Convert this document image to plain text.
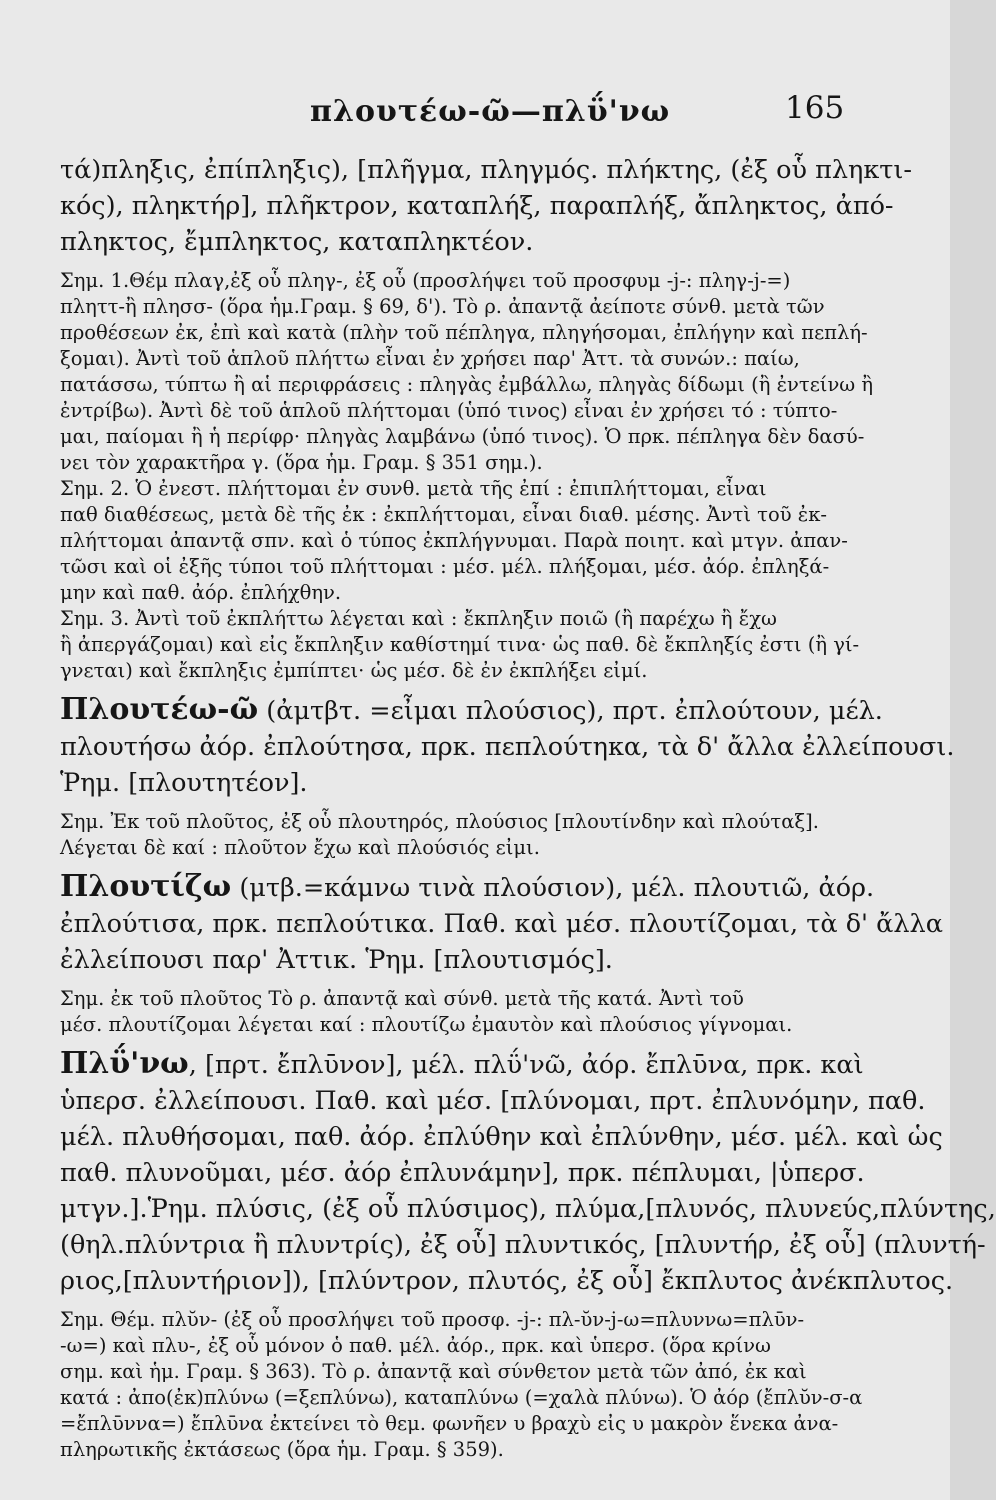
πλουτέω-ῶ—πλΰ'νω	165
τά)πληξις, ἐπίπληξις), [πλῆγμα, πληγμός. πλήκτης, (ἐξ οὗ πληκτι-
κός), πληκτήρ], πλῆκτρον, καταπλήξ, παραπλήξ, ἄπληκτος, ἀπό-
πληκτος, ἔμπληκτος, καταπληκτέον.
Σημ. 1.Θέμ πλαγ,ἐξ οὗ πληγ-, ἐξ οὗ (προσλήψει τοῦ προσφυμ -j-: πληγ-j-=)
πληττ-ἢ πλησσ- (ὅρα ἡμ.Γραμ. § 69, δ'). Τὸ ρ. ἀπαντᾷ ἀείποτε σύνθ. μετὰ τῶν
προθέσεων ἐκ, ἐπὶ καὶ κατὰ (πλὴν τοῦ πέπληγα, πληγήσομαι, ἐπλήγην καὶ πεπλή-
ξομαι). Ἀντὶ τοῦ ἁπλοῦ πλήττω εἶναι ἐν χρήσει παρ' Ἀττ. τὰ συνών.: παίω,
πατάσσω, τύπτω ἢ αἱ περιφράσεις : πληγὰς ἐμβάλλω, πληγὰς δίδωμι (ἢ ἐντείνω ἢ
ἐντρίβω). Ἀντὶ δὲ τοῦ ἁπλοῦ πλήττομαι (ὑπό τινος) εἶναι ἐν χρήσει τό : τύπτο-
μαι, παίομαι ἢ ἡ περίφρ· πληγὰς λαμβάνω (ὑπό τινος). Ὁ πρκ. πέπληγα δὲν δασύ-
νει τὸν χαρακτῆρα γ. (ὅρα ἡμ. Γραμ. § 351 σημ.).
Σημ. 2. Ὁ ἐνεστ. πλήττομαι ἐν συνθ. μετὰ τῆς ἐπί : ἐπιπλήττομαι, εἶναι
παθ διαθέσεως, μετὰ δὲ τῆς ἐκ : ἐκπλήττομαι, εἶναι διαθ. μέσης. Ἀντὶ τοῦ ἐκ-
πλήττομαι ἀπαντᾷ σπν. καὶ ὁ τύπος ἐκπλήγνυμαι. Παρὰ ποιητ. καὶ μτγν. ἀπαν-
τῶσι καὶ οἱ ἐξῆς τύποι τοῦ πλήττομαι : μέσ. μέλ. πλήξομαι, μέσ. ἀόρ. ἐπληξά-
μην καὶ παθ. ἀόρ. ἐπλήχθην.
Σημ. 3. Ἀντὶ τοῦ ἐκπλήττω λέγεται καὶ : ἔκπληξιν ποιῶ (ἢ παρέχω ἢ ἔχω
ἢ ἀπεργάζομαι) καὶ εἰς ἔκπληξιν καθίστημί τινα· ὡς παθ. δὲ ἔκπληξίς ἐστι (ἢ γί-
γνεται) καὶ ἔκπληξις ἐμπίπτει· ὡς μέσ. δὲ ἐν ἐκπλήξει εἰμί.
Πλουτέω-ῶ (ἀμτβτ. =εἶμαι πλούσιος), πρτ. ἐπλούτουν, μέλ.
πλουτήσω ἀόρ. ἐπλούτησα, πρκ. πεπλούτηκα, τὰ δ' ἄλλα ἐλλείπουσι.
Ῥημ. [πλουτητέον].
Σημ. Ἐκ τοῦ πλοῦτος, ἐξ οὗ πλουτηρός, πλούσιος [πλουτίνδην καὶ πλούταξ].
Λέγεται δὲ καί : πλοῦτον ἔχω καὶ πλούσιός εἰμι.
Πλουτίζω (μτβ.=κάμνω τινὰ πλούσιον), μέλ. πλουτιῶ, ἀόρ.
ἐπλούτισα, πρκ. πεπλούτικα. Παθ. καὶ μέσ. πλουτίζομαι, τὰ δ' ἄλλα
ἐλλείπουσι παρ' Ἀττικ. Ῥημ. [πλουτισμός].
Σημ. ἐκ τοῦ πλοῦτος Τὸ ρ. ἀπαντᾷ καὶ σύνθ. μετὰ τῆς κατά. Ἀντὶ τοῦ
μέσ. πλουτίζομαι λέγεται καί : πλουτίζω ἐμαυτὸν καὶ πλούσιος γίγνομαι.
Πλΰ'νω, [πρτ. ἔπλῡνον], μέλ. πλΰ'νῶ, ἀόρ. ἔπλῡνα, πρκ. καὶ
ὑπερσ. ἐλλείπουσι. Παθ. καὶ μέσ. [πλύνομαι, πρτ. ἐπλυνόμην, παθ.
μέλ. πλυθήσομαι, παθ. ἀόρ. ἐπλύθην καὶ ἐπλύνθην, μέσ. μέλ. καὶ ὡς
παθ. πλυνοῦμαι, μέσ. ἀόρ ἐπλυνάμην], πρκ. πέπλυμαι, |ὑπερσ.
μτγν.].Ῥημ. πλύσις, (ἐξ οὗ πλύσιμος), πλύμα,[πλυνός, πλυνεύς,πλύντης,
(θηλ.πλύντρια ἢ πλυντρίς), ἐξ οὗ] πλυντικός, [πλυντήρ, ἐξ οὗ] (πλυντή-
ριος,[πλυντήριον]), [πλύντρον, πλυτός, ἐξ οὗ] ἔκπλυτος ἀνέκπλυτος.
Σημ. Θέμ. πλῠν- (ἐξ οὗ προσλήψει τοῦ προσφ. -j-: πλ-ῠν-j-ω=πλυννω=πλῡν-
-ω=) καὶ πλυ-, ἐξ οὗ μόνον ὁ παθ. μέλ. ἀόρ., πρκ. καὶ ὑπερσ. (ὅρα κρίνω
σημ. καὶ ἡμ. Γραμ. § 363). Τὸ ρ. ἀπαντᾷ καὶ σύνθετον μετὰ τῶν ἀπό, ἐκ καὶ
κατά : ἀπο(ἐκ)πλύνω (=ξεπλύνω), καταπλύνω (=χαλὰ πλύνω). Ὁ ἀόρ (ἔπλῠν-σ-α
=ἔπλῡννα=) ἔπλῡνα ἐκτείνει τὸ θεμ. φωνῆεν υ βραχὺ εἰς υ μακρὸν ἕνεκα ἀνα-
πληρωτικῆς ἐκτάσεως (ὅρα ἡμ. Γραμ. § 359).
